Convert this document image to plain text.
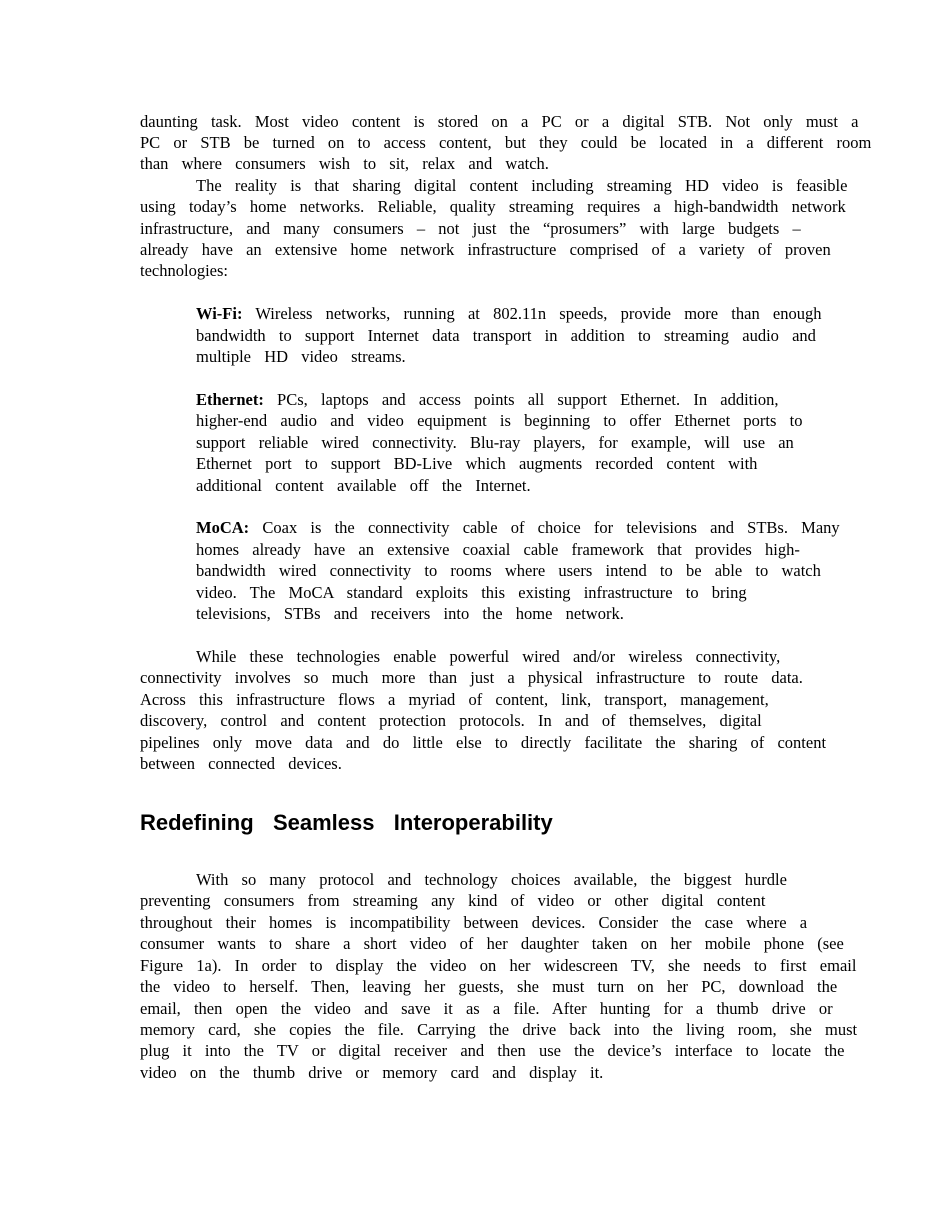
daunting task. Most video content is stored on a PC or a digital STB. Not only must a
PC or STB be turned on to access content, but they could be located in a different room
than where consumers wish to sit, relax and watch.
The reality is that sharing digital content including streaming HD video is feasible
using today’s home networks. Reliable, quality streaming requires a high-bandwidth network
infrastructure, and many consumers – not just the “prosumers” with large budgets –
already have an extensive home network infrastructure comprised of a variety of proven
technologies:
Wi-Fi: Wireless networks, running at 802.11n speeds, provide more than enough
bandwidth to support Internet data transport in addition to streaming audio and
multiple HD video streams.
Ethernet: PCs, laptops and access points all support Ethernet. In addition,
higher-end audio and video equipment is beginning to offer Ethernet ports to
support reliable wired connectivity. Blu-ray players, for example, will use an
Ethernet port to support BD-Live which augments recorded content with
additional content available off the Internet.
MoCA: Coax is the connectivity cable of choice for televisions and STBs. Many
homes already have an extensive coaxial cable framework that provides high-
bandwidth wired connectivity to rooms where users intend to be able to watch
video. The MoCA standard exploits this existing infrastructure to bring
televisions, STBs and receivers into the home network.
While these technologies enable powerful wired and/or wireless connectivity,
connectivity involves so much more than just a physical infrastructure to route data.
Across this infrastructure flows a myriad of content, link, transport, management,
discovery, control and content protection protocols. In and of themselves, digital
pipelines only move data and do little else to directly facilitate the sharing of content
between connected devices.
Redefining Seamless Interoperability
With so many protocol and technology choices available, the biggest hurdle
preventing consumers from streaming any kind of video or other digital content
throughout their homes is incompatibility between devices. Consider the case where a
consumer wants to share a short video of her daughter taken on her mobile phone (see
Figure 1a). In order to display the video on her widescreen TV, she needs to first email
the video to herself. Then, leaving her guests, she must turn on her PC, download the
email, then open the video and save it as a file. After hunting for a thumb drive or
memory card, she copies the file. Carrying the drive back into the living room, she must
plug it into the TV or digital receiver and then use the device’s interface to locate the
video on the thumb drive or memory card and display it.
